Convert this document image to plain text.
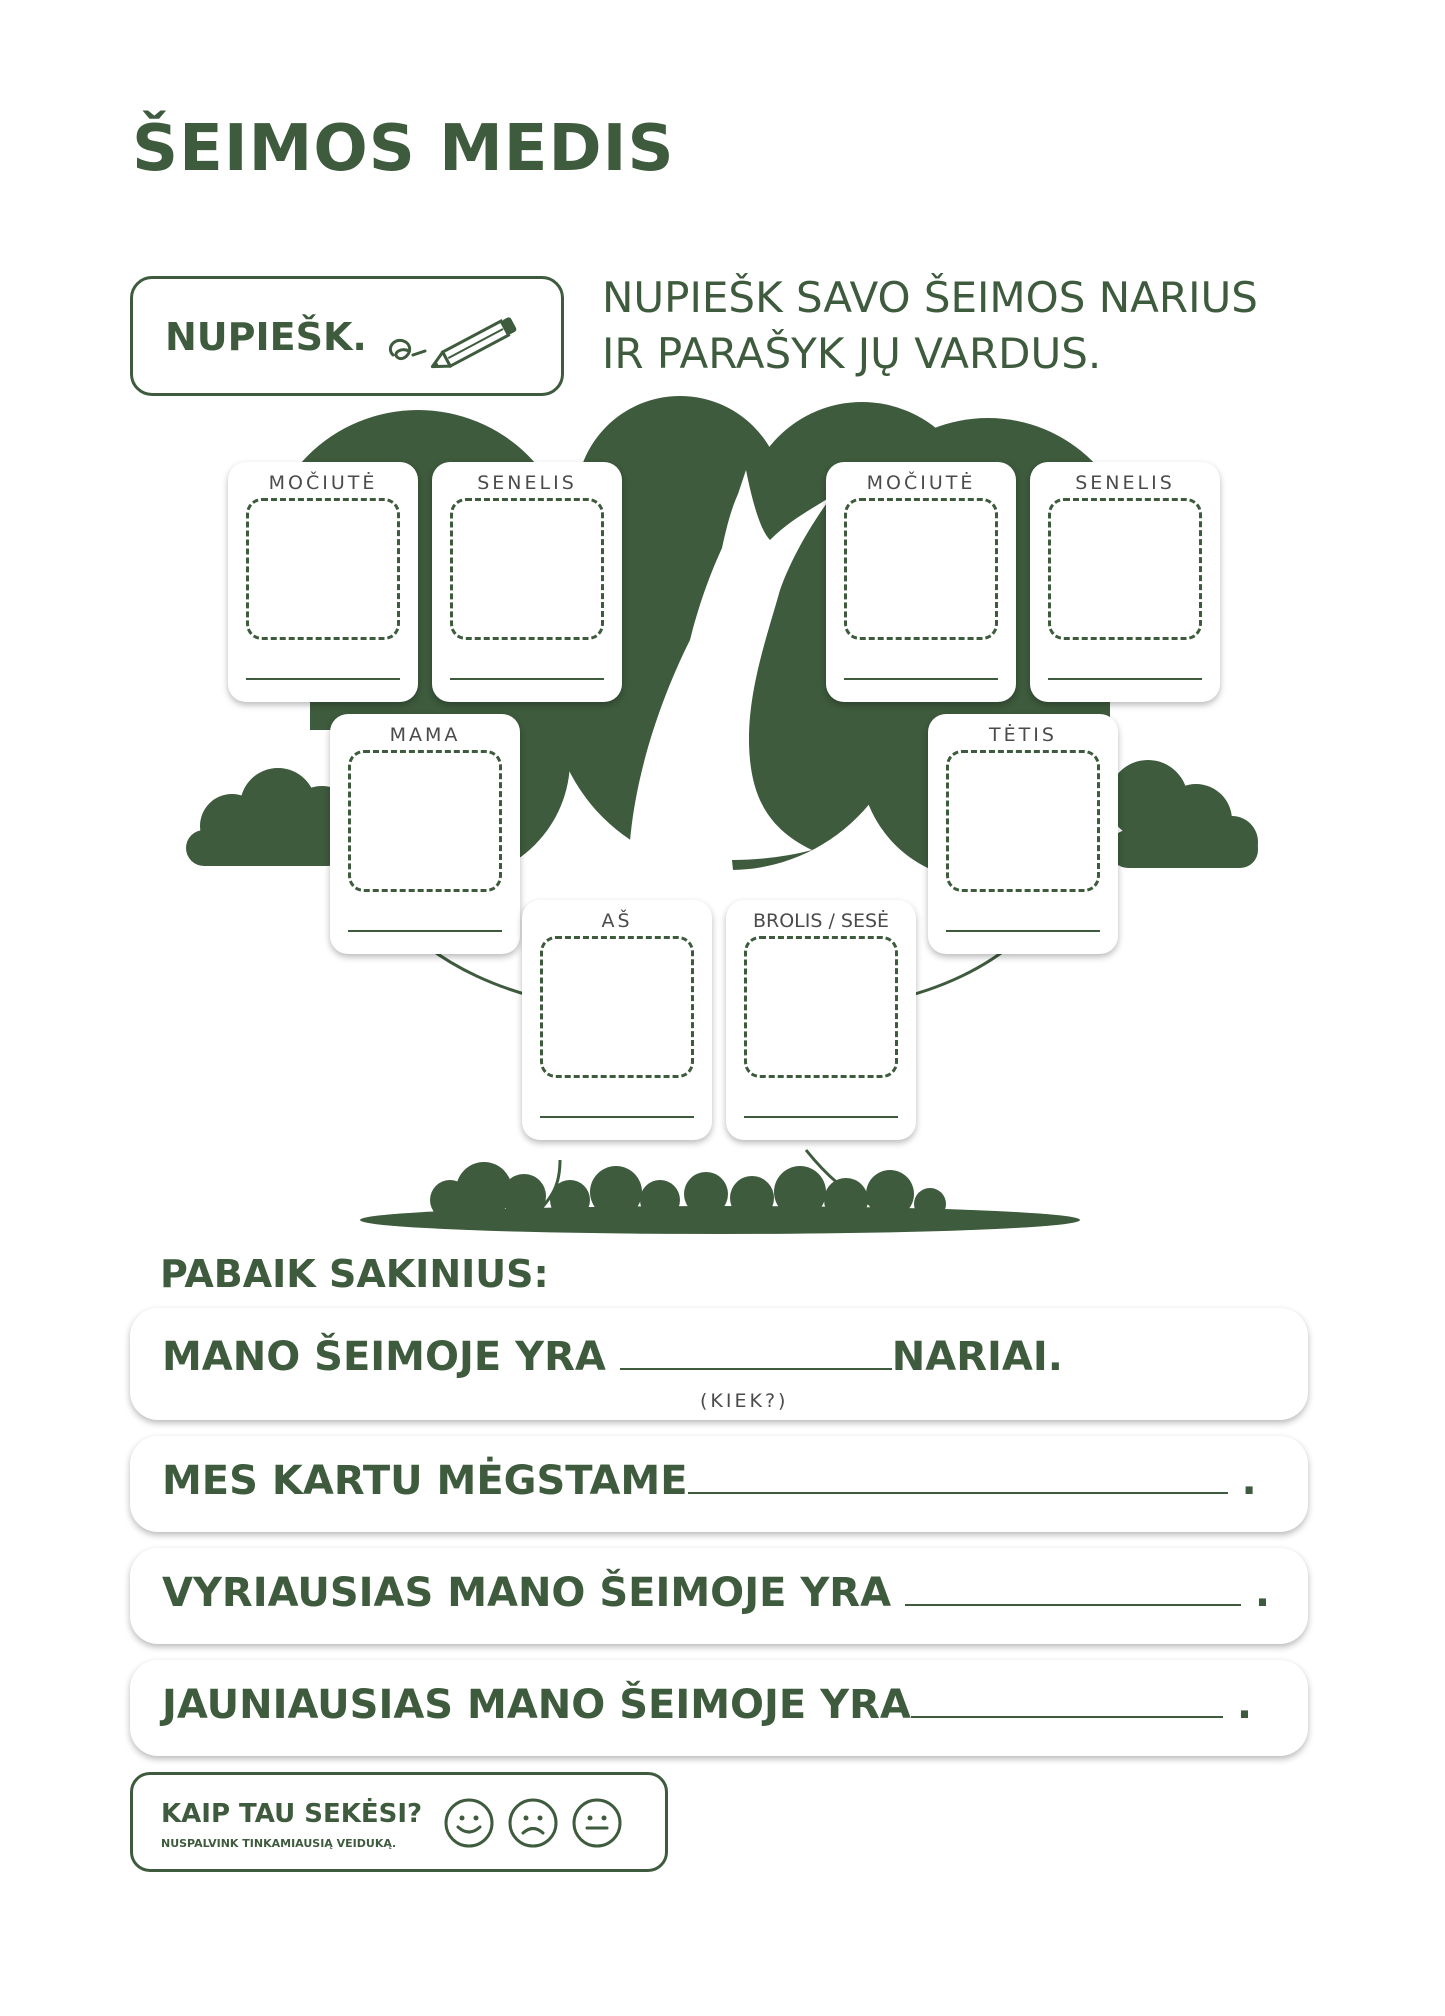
ŠEIMOS MEDIS
NUPIEŠK.
NUPIEŠK SAVO ŠEIMOS NARIUS
IR PARAŠYK JŲ VARDUS.
MOČIUTĖ	SENELIS	MOČIUTĖ	SENELIS
MAMA	TĖTIS
AŠ	BROLIS / SESĖ
PABAIK SAKINIUS:
MANO ŠEIMOJE YRA	NARIAI.
(KIEK?)
MES KARTU MĖGSTAME	.
VYRIAUSIAS MANO ŠEIMOJE YRA	.
JAUNIAUSIAS MANO ŠEIMOJE YRA	.
KAIP TAU SEKĖSI?
NUSPALVINK TINKAMIAUSIĄ VEIDUKĄ.
